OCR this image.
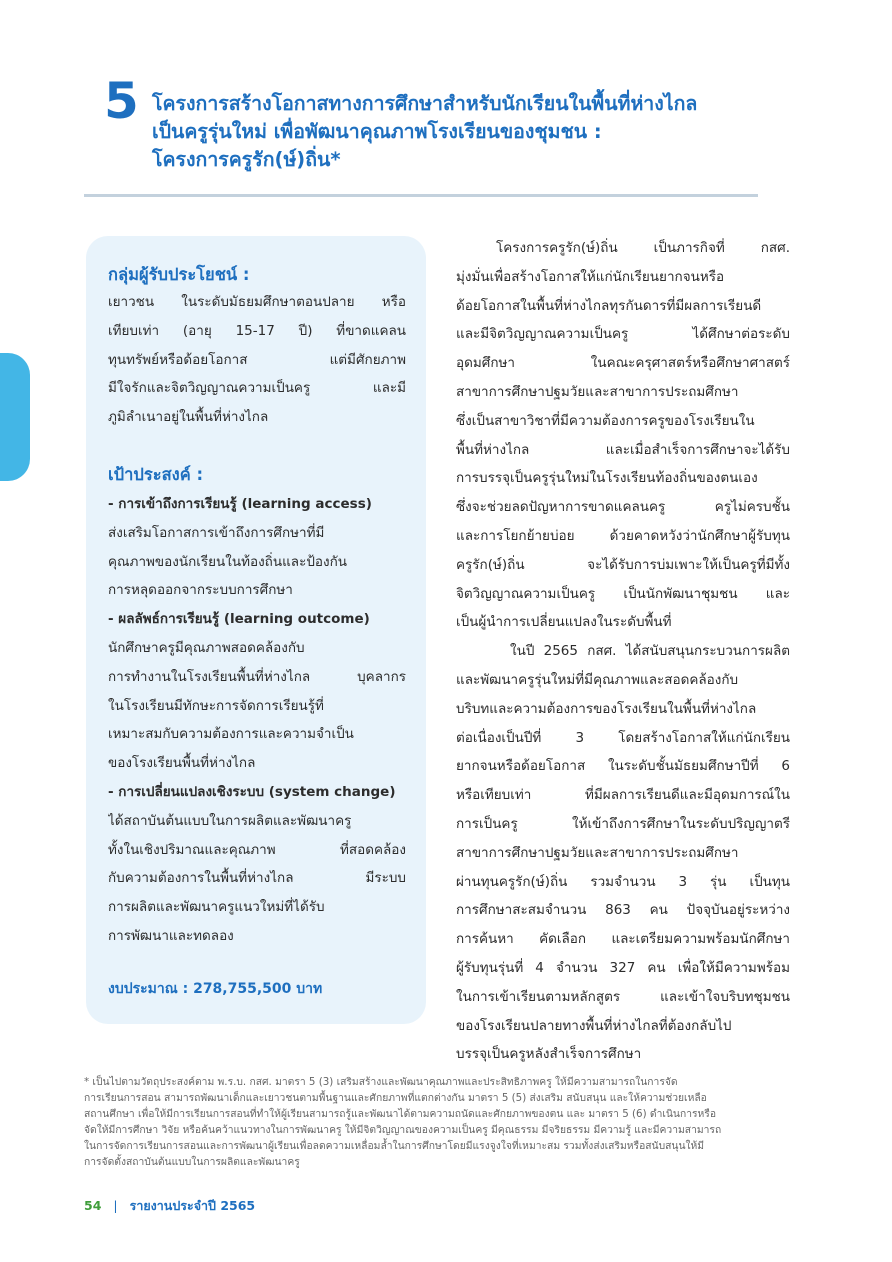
5 โครงการสร้างโอกาสทางการศึกษาสำหรับนักเรียนในพื้นที่ห่างไกล
เป็นครูรุ่นใหม่ เพื่อพัฒนาคุณภาพโรงเรียนของชุมชน :
โครงการครูรัก(ษ์)ถิ่น*
กลุ่มผู้รับประโยชน์ :
เยาวชน ในระดับมัธยมศึกษาตอนปลาย หรือ
เทียบเท่า (อายุ 15-17 ปี) ที่ขาดแคลน
ทุนทรัพย์หรือด้อยโอกาส แต่มีศักยภาพ
มีใจรักและจิตวิญญาณความเป็นครู และมี
ภูมิลำเนาอยู่ในพื้นที่ห่างไกล
เป้าประสงค์ :
- การเข้าถึงการเรียนรู้ (learning access)
ส่งเสริมโอกาสการเข้าถึงการศึกษาที่มี
คุณภาพของนักเรียนในท้องถิ่นและป้องกัน
การหลุดออกจากระบบการศึกษา
- ผลลัพธ์การเรียนรู้ (learning outcome)
นักศึกษาครูมีคุณภาพสอดคล้องกับ
การทำงานในโรงเรียนพื้นที่ห่างไกล บุคลากร
ในโรงเรียนมีทักษะการจัดการเรียนรู้ที่
เหมาะสมกับความต้องการและความจำเป็น
ของโรงเรียนพื้นที่ห่างไกล
- การเปลี่ยนแปลงเชิงระบบ (system change)
ได้สถาบันต้นแบบในการผลิตและพัฒนาครู
ทั้งในเชิงปริมาณและคุณภาพ ที่สอดคล้อง
กับความต้องการในพื้นที่ห่างไกล มีระบบ
การผลิตและพัฒนาครูแนวใหม่ที่ได้รับ
การพัฒนาและทดลอง
งบประมาณ : 278,755,500 บาท
โครงการครูรัก(ษ์)ถิ่น เป็นภารกิจที่ กสศ.
มุ่งมั่นเพื่อสร้างโอกาสให้แก่นักเรียนยากจนหรือ
ด้อยโอกาสในพื้นที่ห่างไกลทุรกันดารที่มีผลการเรียนดี
และมีจิตวิญญาณความเป็นครู ได้ศึกษาต่อระดับ
อุดมศึกษา ในคณะครุศาสตร์หรือศึกษาศาสตร์
สาขาการศึกษาปฐมวัยและสาขาการประถมศึกษา
ซึ่งเป็นสาขาวิชาที่มีความต้องการครูของโรงเรียนใน
พื้นที่ห่างไกล และเมื่อสำเร็จการศึกษาจะได้รับ
การบรรจุเป็นครูรุ่นใหม่ในโรงเรียนท้องถิ่นของตนเอง
ซึ่งจะช่วยลดปัญหาการขาดแคลนครู ครูไม่ครบชั้น
และการโยกย้ายบ่อย ด้วยคาดหวังว่านักศึกษาผู้รับทุน
ครูรัก(ษ์)ถิ่น จะได้รับการบ่มเพาะให้เป็นครูที่มีทั้ง
จิตวิญญาณความเป็นครู เป็นนักพัฒนาชุมชน และ
เป็นผู้นำการเปลี่ยนแปลงในระดับพื้นที่
ในปี 2565 กสศ. ได้สนับสนุนกระบวนการผลิต
และพัฒนาครูรุ่นใหม่ที่มีคุณภาพและสอดคล้องกับ
บริบทและความต้องการของโรงเรียนในพื้นที่ห่างไกล
ต่อเนื่องเป็นปีที่ 3 โดยสร้างโอกาสให้แก่นักเรียน
ยากจนหรือด้อยโอกาส ในระดับชั้นมัธยมศึกษาปีที่ 6
หรือเทียบเท่า ที่มีผลการเรียนดีและมีอุดมการณ์ใน
การเป็นครู ให้เข้าถึงการศึกษาในระดับปริญญาตรี
สาขาการศึกษาปฐมวัยและสาขาการประถมศึกษา
ผ่านทุนครูรัก(ษ์)ถิ่น รวมจำนวน 3 รุ่น เป็นทุน
การศึกษาสะสมจำนวน 863 คน ปัจจุบันอยู่ระหว่าง
การค้นหา คัดเลือก และเตรียมความพร้อมนักศึกษา
ผู้รับทุนรุ่นที่ 4 จำนวน 327 คน เพื่อให้มีความพร้อม
ในการเข้าเรียนตามหลักสูตร และเข้าใจบริบทชุมชน
ของโรงเรียนปลายทางพื้นที่ห่างไกลที่ต้องกลับไป
บรรจุเป็นครูหลังสำเร็จการศึกษา
* เป็นไปตามวัตถุประสงค์ตาม พ.ร.บ. กสศ. มาตรา 5 (3) เสริมสร้างและพัฒนาคุณภาพและประสิทธิภาพครู ให้มีความสามารถในการจัด
การเรียนการสอน สามารถพัฒนาเด็กและเยาวชนตามพื้นฐานและศักยภาพที่แตกต่างกัน มาตรา 5 (5) ส่งเสริม สนับสนุน และให้ความช่วยเหลือ
สถานศึกษา เพื่อให้มีการเรียนการสอนที่ทำให้ผู้เรียนสามารถรู้และพัฒนาได้ตามความถนัดและศักยภาพของตน และ มาตรา 5 (6) ดำเนินการหรือ
จัดให้มีการศึกษา วิจัย หรือค้นคว้าแนวทางในการพัฒนาครู ให้มีจิตวิญญาณของความเป็นครู มีคุณธรรม มีจริยธรรม มีความรู้ และมีความสามารถ
ในการจัดการเรียนการสอนและการพัฒนาผู้เรียนเพื่อลดความเหลื่อมล้ำในการศึกษาโดยมีแรงจูงใจที่เหมาะสม รวมทั้งส่งเสริมหรือสนับสนุนให้มี
การจัดตั้งสถาบันต้นแบบในการผลิตและพัฒนาครู
54 | รายงานประจำปี 2565
